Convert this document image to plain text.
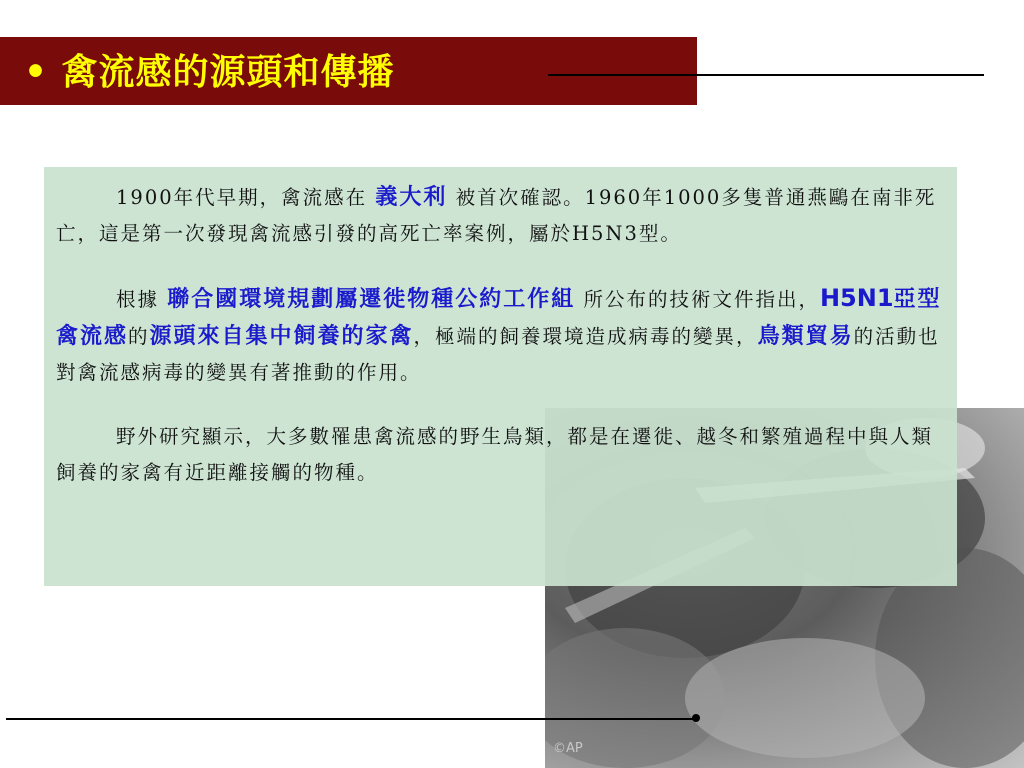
• 禽流感的源頭和傳播
©AP

1900年代早期，禽流感在 義大利 被首次確認。1960年1000多隻普通燕鷗在南非死亡，這是第一次發現禽流感引發的高死亡率案例，屬於H5N3型。

根據 聯合國環境規劃屬遷徙物種公約工作組 所公布的技術文件指出，H5N1亞型禽流感的源頭來自集中飼養的家禽，極端的飼養環境造成病毒的變異，鳥類貿易的活動也對禽流感病毒的變異有著推動的作用。

野外研究顯示，大多數罹患禽流感的野生鳥類，都是在遷徙、越冬和繁殖過程中與人類飼養的家禽有近距離接觸的物種。
